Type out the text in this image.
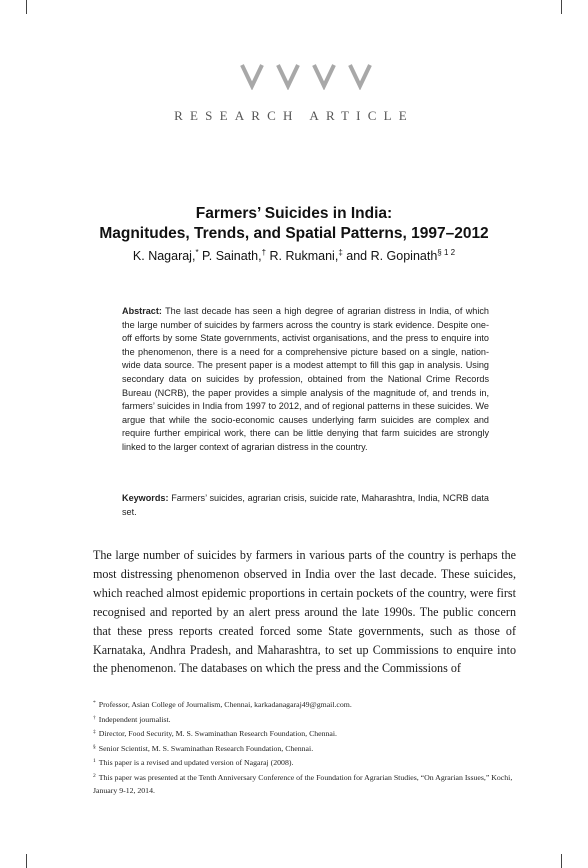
RESEARCH ARTICLE
Farmers’ Suicides in India:
Magnitudes, Trends, and Spatial Patterns, 1997–2012
K. Nagaraj,* P. Sainath,† R. Rukmani,‡ and R. Gopinath$^{\S 1 2}$
Abstract: The last decade has seen a high degree of agrarian distress in India, of which the large number of suicides by farmers across the country is stark evidence. Despite one-off efforts by some State governments, activist organisations, and the press to enquire into the phenomenon, there is a need for a comprehensive picture based on a single, nation-wide data source. The present paper is a modest attempt to fill this gap in analysis. Using secondary data on suicides by profession, obtained from the National Crime Records Bureau (NCRB), the paper provides a simple analysis of the magnitude of, and trends in, farmers’ suicides in India from 1997 to 2012, and of regional patterns in these suicides. We argue that while the socio-economic causes underlying farm suicides are complex and require further empirical work, there can be little denying that farm suicides are strongly linked to the larger context of agrarian distress in the country.
Keywords: Farmers’ suicides, agrarian crisis, suicide rate, Maharashtra, India, NCRB data set.
The large number of suicides by farmers in various parts of the country is perhaps the most distressing phenomenon observed in India over the last decade. These suicides, which reached almost epidemic proportions in certain pockets of the country, were first recognised and reported by an alert press around the late 1990s. The public concern that these press reports created forced some State governments, such as those of Karnataka, Andhra Pradesh, and Maharashtra, to set up Commissions to enquire into the phenomenon. The databases on which the press and the Commissions of

* Professor, Asian College of Journalism, Chennai, karkadanagaraj49@gmail.com.

† Independent journalist.

‡ Director, Food Security, M. S. Swaminathan Research Foundation, Chennai.

§ Senior Scientist, M. S. Swaminathan Research Foundation, Chennai.

$^1$ This paper is a revised and updated version of Nagaraj (2008).

$^2$ This paper was presented at the Tenth Anniversary Conference of the Foundation for Agrarian Studies, “On Agrarian Issues,” Kochi, January 9-12, 2014.
